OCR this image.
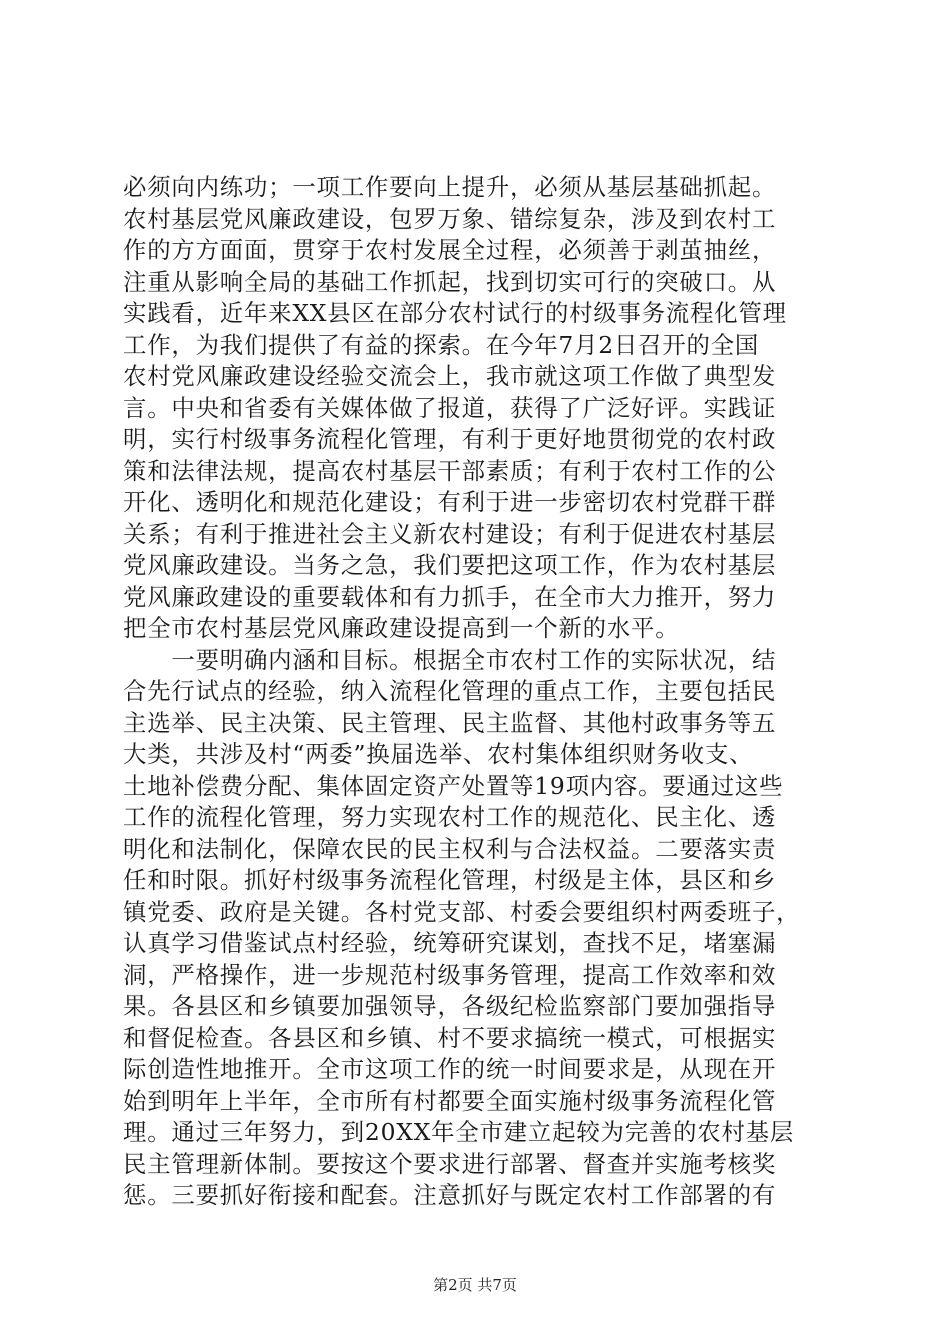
必须向内练功；一项工作要向上提升，必须从基层基础抓起。
农村基层党风廉政建设，包罗万象、错综复杂，涉及到农村工
作的方方面面，贯穿于农村发展全过程，必须善于剥茧抽丝，
注重从影响全局的基础工作抓起，找到切实可行的突破口。从
实践看，近年来XX县区在部分农村试行的村级事务流程化管理
工作，为我们提供了有益的探索。在今年7月2日召开的全国
农村党风廉政建设经验交流会上，我市就这项工作做了典型发
言。中央和省委有关媒体做了报道，获得了广泛好评。实践证
明，实行村级事务流程化管理，有利于更好地贯彻党的农村政
策和法律法规，提高农村基层干部素质；有利于农村工作的公
开化、透明化和规范化建设；有利于进一步密切农村党群干群
关系；有利于推进社会主义新农村建设；有利于促进农村基层
党风廉政建设。当务之急，我们要把这项工作，作为农村基层
党风廉政建设的重要载体和有力抓手，在全市大力推开，努力
把全市农村基层党风廉政建设提高到一个新的水平。
　　一要明确内涵和目标。根据全市农村工作的实际状况，结
合先行试点的经验，纳入流程化管理的重点工作，主要包括民
主选举、民主决策、民主管理、民主监督、其他村政事务等五
大类，共涉及村“两委”换届选举、农村集体组织财务收支、
土地补偿费分配、集体固定资产处置等19项内容。要通过这些
工作的流程化管理，努力实现农村工作的规范化、民主化、透
明化和法制化，保障农民的民主权利与合法权益。二要落实责
任和时限。抓好村级事务流程化管理，村级是主体，县区和乡
镇党委、政府是关键。各村党支部、村委会要组织村两委班子，
认真学习借鉴试点村经验，统筹研究谋划，查找不足，堵塞漏
洞，严格操作，进一步规范村级事务管理，提高工作效率和效
果。各县区和乡镇要加强领导，各级纪检监察部门要加强指导
和督促检查。各县区和乡镇、村不要求搞统一模式，可根据实
际创造性地推开。全市这项工作的统一时间要求是，从现在开
始到明年上半年，全市所有村都要全面实施村级事务流程化管
理。通过三年努力，到20XX年全市建立起较为完善的农村基层
民主管理新体制。要按这个要求进行部署、督查并实施考核奖
惩。三要抓好衔接和配套。注意抓好与既定农村工作部署的有
第2页 共7页
